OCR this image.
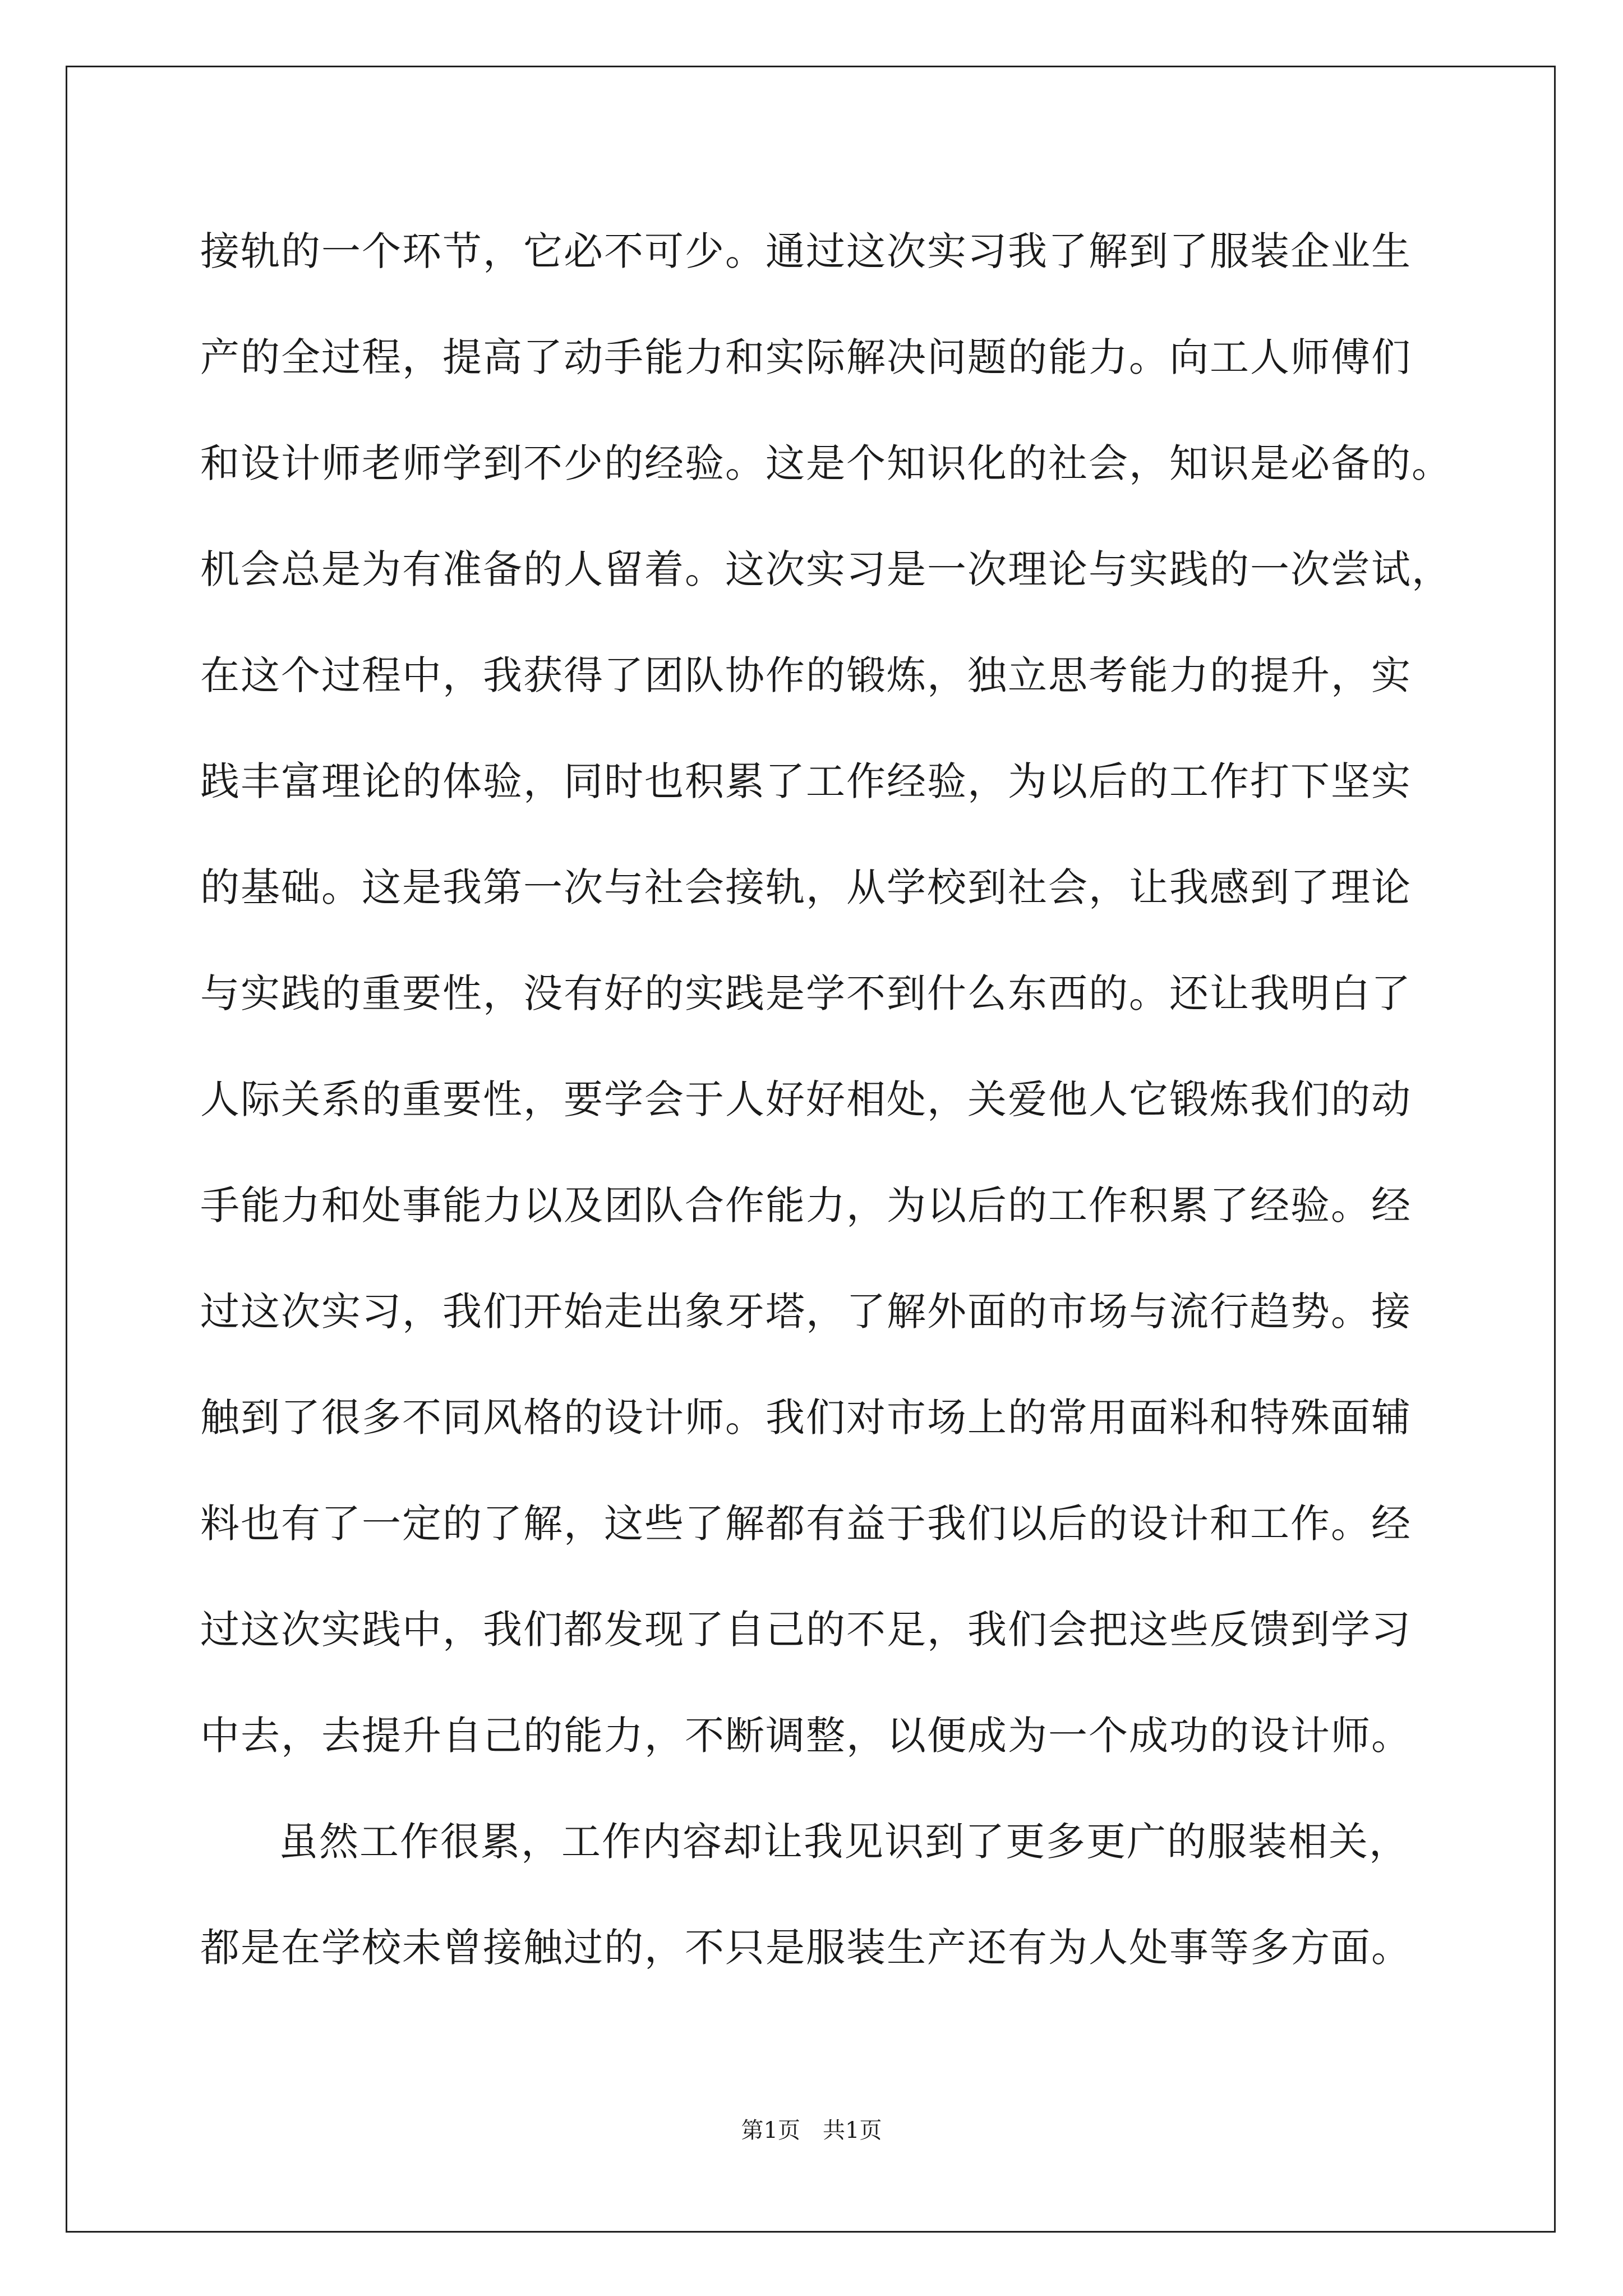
接轨的一个环节，它必不可少。通过这次实习我了解到了服装企业生
产的全过程，提高了动手能力和实际解决问题的能力。向工人师傅们
和设计师老师学到不少的经验。这是个知识化的社会，知识是必备的。
机会总是为有准备的人留着。这次实习是一次理论与实践的一次尝试，
在这个过程中，我获得了团队协作的锻炼，独立思考能力的提升，实
践丰富理论的体验，同时也积累了工作经验，为以后的工作打下坚实
的基础。这是我第一次与社会接轨，从学校到社会，让我感到了理论
与实践的重要性，没有好的实践是学不到什么东西的。还让我明白了
人际关系的重要性，要学会于人好好相处，关爱他人它锻炼我们的动
手能力和处事能力以及团队合作能力，为以后的工作积累了经验。经
过这次实习，我们开始走出象牙塔，了解外面的市场与流行趋势。接
触到了很多不同风格的设计师。我们对市场上的常用面料和特殊面辅
料也有了一定的了解，这些了解都有益于我们以后的设计和工作。经
过这次实践中，我们都发现了自己的不足，我们会把这些反馈到学习
中去，去提升自己的能力，不断调整，以便成为一个成功的设计师。
虽然工作很累，工作内容却让我见识到了更多更广的服装相关，
都是在学校未曾接触过的，不只是服装生产还有为人处事等多方面。
第1页　共1页
